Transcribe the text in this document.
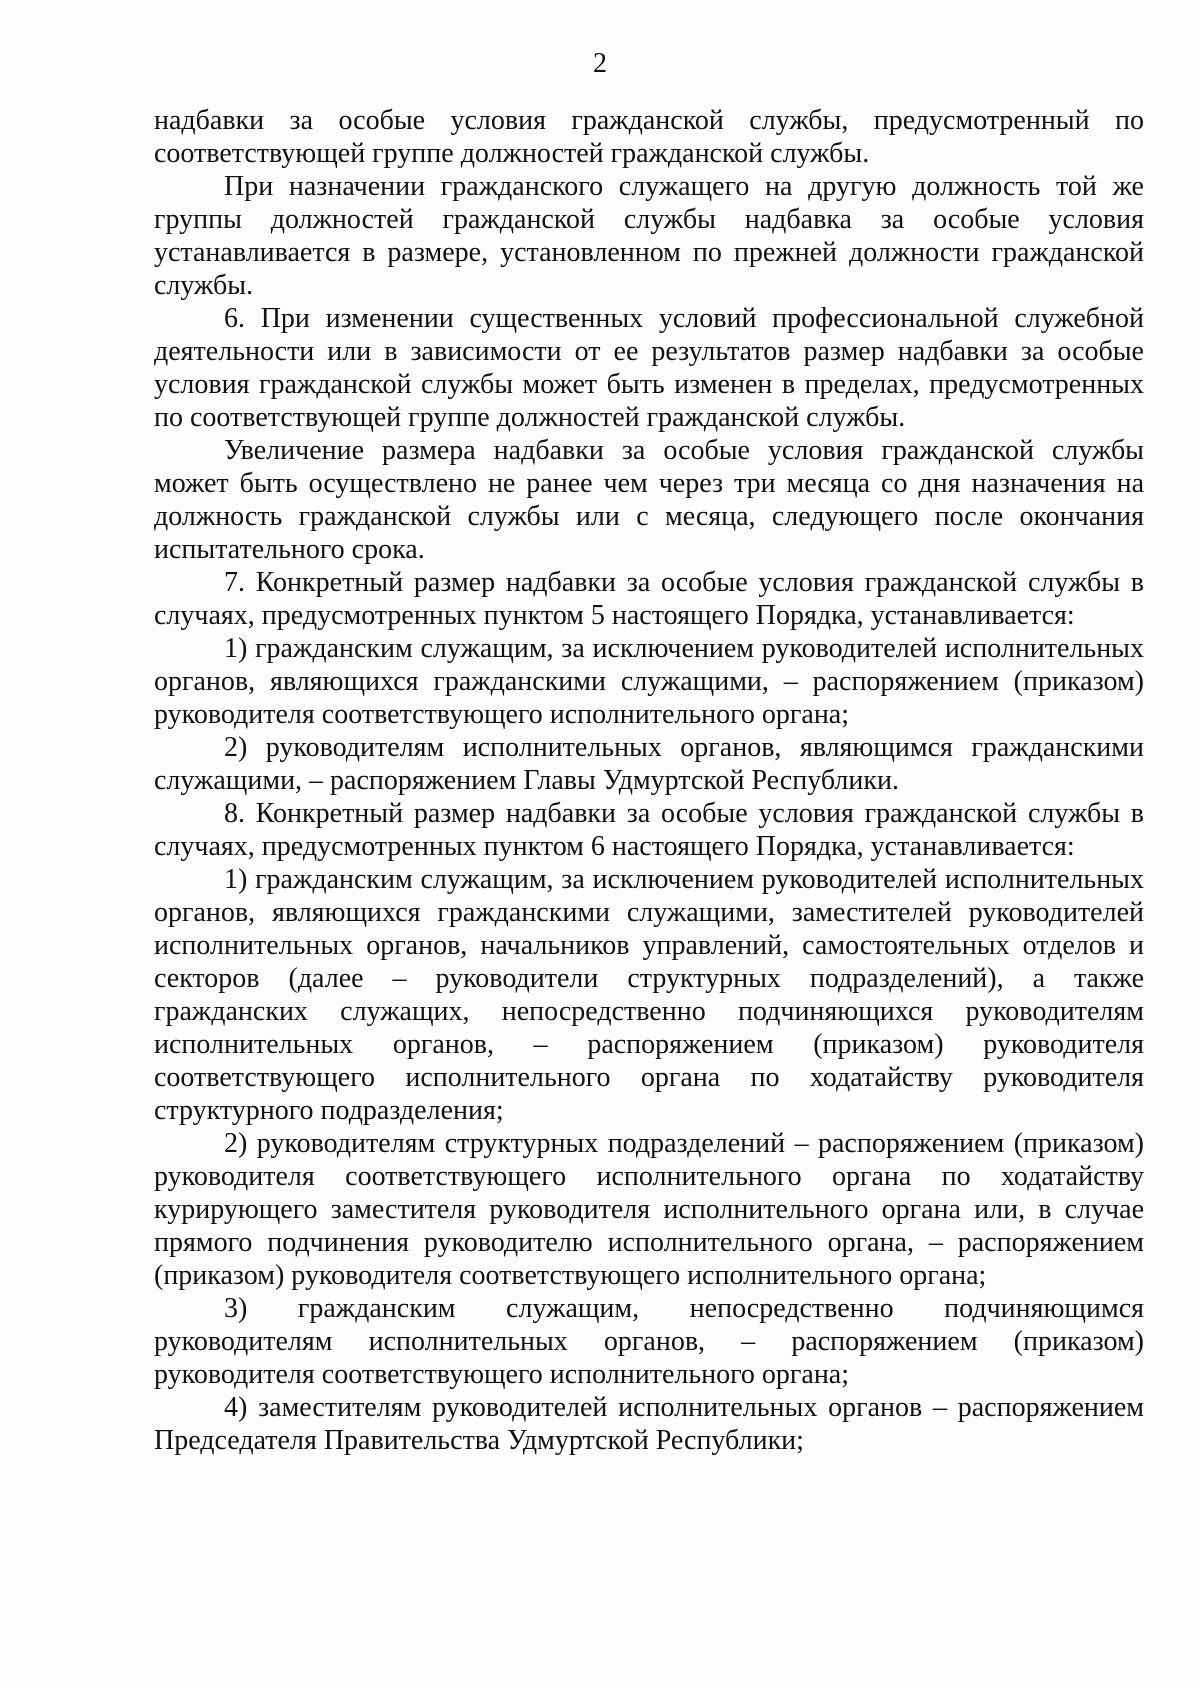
2

надбавки за особые условия гражданской службы, предусмотренный по соответствующей группе должностей гражданской службы.

При назначении гражданского служащего на другую должность той же группы должностей гражданской службы надбавка за особые условия устанавливается в размере, установленном по прежней должности гражданской службы.

6. При изменении существенных условий профессиональной служебной деятельности или в зависимости от ее результатов размер надбавки за особые условия гражданской службы может быть изменен в пределах, предусмотренных по соответствующей группе должностей гражданской службы.

Увеличение размера надбавки за особые условия гражданской службы может быть осуществлено не ранее чем через три месяца со дня назначения на должность гражданской службы или с месяца, следующего после окончания испытательного срока.

7. Конкретный размер надбавки за особые условия гражданской службы в случаях, предусмотренных пунктом 5 настоящего Порядка, устанавливается:

1) гражданским служащим, за исключением руководителей исполнительных органов, являющихся гражданскими служащими, – распоряжением (приказом) руководителя соответствующего исполнительного органа;

2) руководителям исполнительных органов, являющимся гражданскими служащими, – распоряжением Главы Удмуртской Республики.

8. Конкретный размер надбавки за особые условия гражданской службы в случаях, предусмотренных пунктом 6 настоящего Порядка, устанавливается:

1) гражданским служащим, за исключением руководителей исполнительных органов, являющихся гражданскими служащими, заместителей руководителей исполнительных органов, начальников управлений, самостоятельных отделов и секторов (далее – руководители структурных подразделений), а также гражданских служащих, непосредственно подчиняющихся руководителям исполнительных органов, – распоряжением (приказом) руководителя соответствующего исполнительного органа по ходатайству руководителя структурного подразделения;

2) руководителям структурных подразделений – распоряжением (приказом) руководителя соответствующего исполнительного органа по ходатайству курирующего заместителя руководителя исполнительного органа или, в случае прямого подчинения руководителю исполнительного органа, – распоряжением (приказом) руководителя соответствующего исполнительного органа;

3) гражданским служащим, непосредственно подчиняющимся руководителям исполнительных органов, – распоряжением (приказом) руководителя соответствующего исполнительного органа;

4) заместителям руководителей исполнительных органов – распоряжением Председателя Правительства Удмуртской Республики;
